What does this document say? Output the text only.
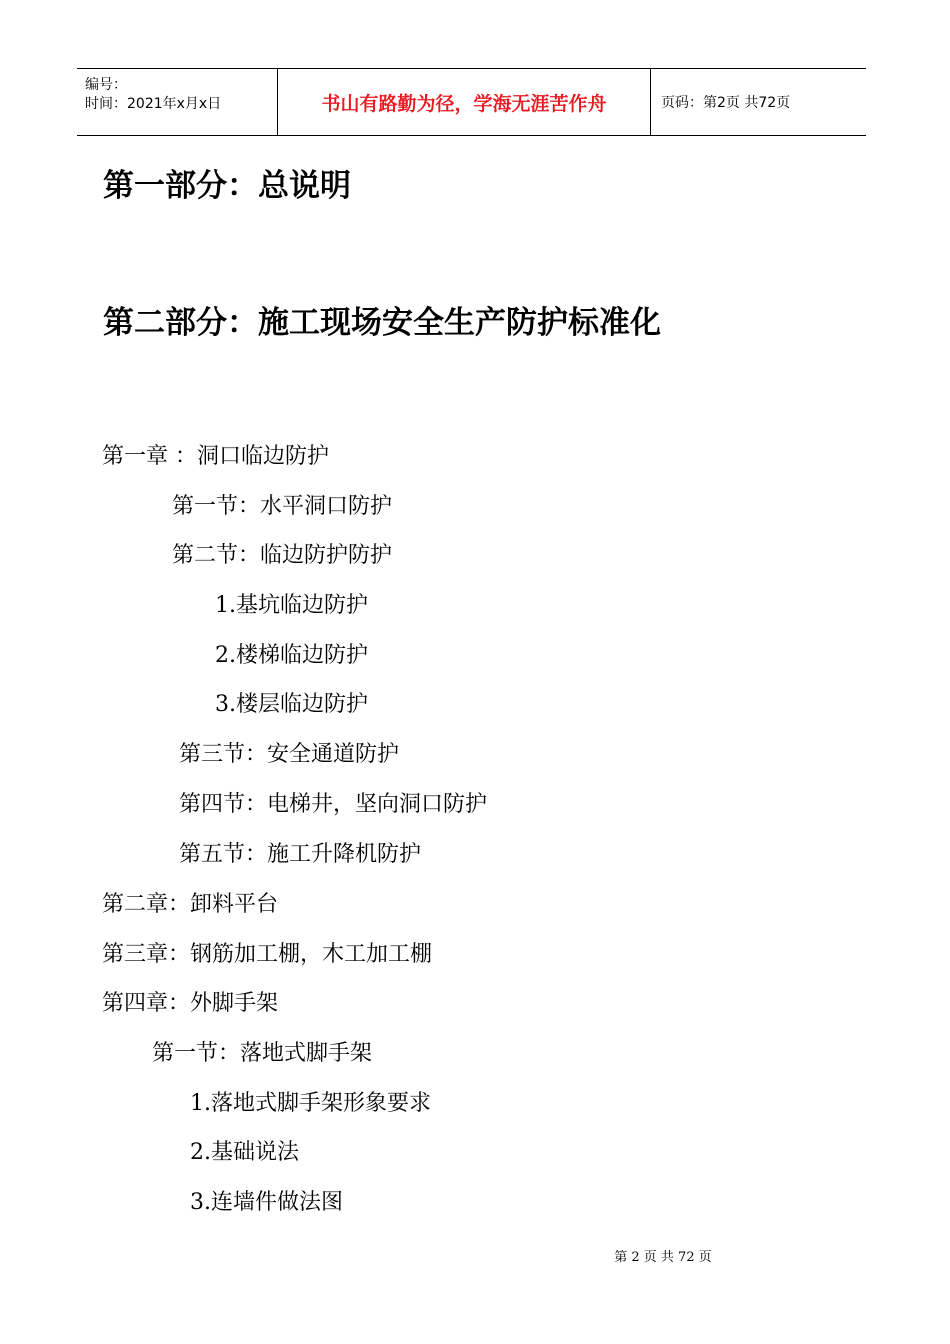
编号：
时间：2021年x月x日	书山有路勤为径，学海无涯苦作舟	页码：第2页 共72页
第一部分：总说明
第二部分：施工现场安全生产防护标准化
第一章 ：洞口临边防护
第一节：水平洞口防护
第二节：临边防护防护
1.基坑临边防护
2.楼梯临边防护
3.楼层临边防护
第三节：安全通道防护
第四节：电梯井，坚向洞口防护
第五节：施工升降机防护
第二章：卸料平台
第三章：钢筋加工棚，木工加工棚
第四章：外脚手架
第一节：落地式脚手架
1.落地式脚手架形象要求
2.基础说法
3.连墙件做法图
第 2 页 共 72 页
